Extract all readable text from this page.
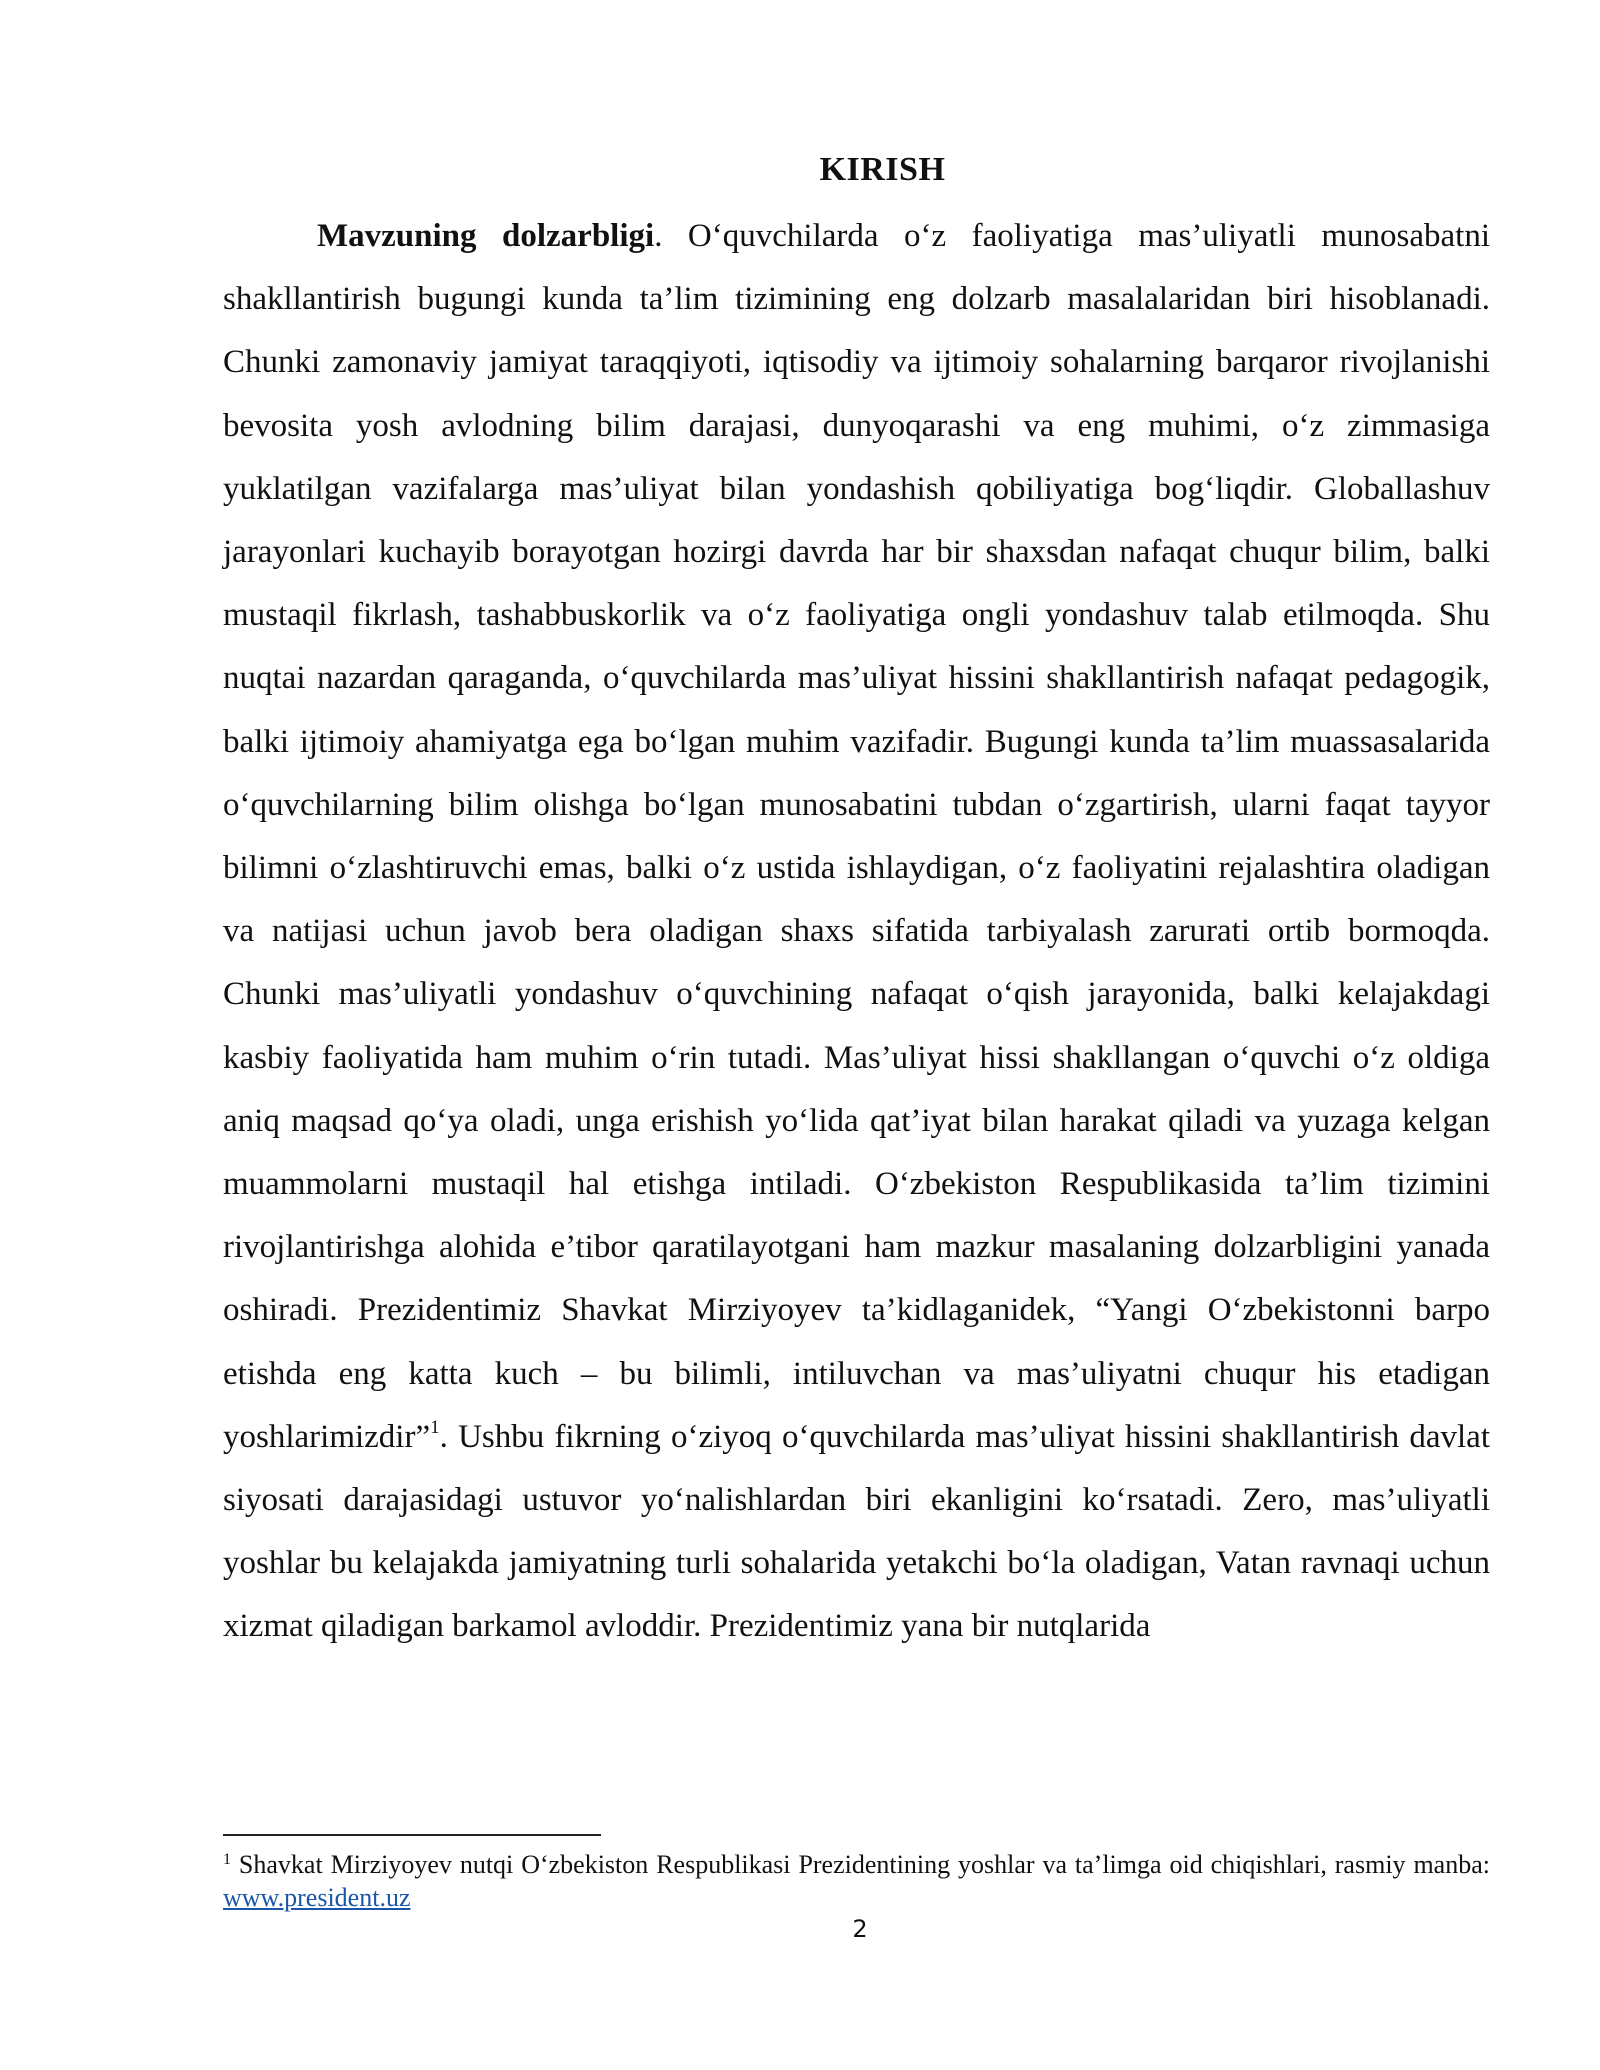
KIRISH

Mavzuning dolzarbligi. O‘quvchilarda o‘z faoliyatiga mas’uliyatli munosabatni shakllantirish bugungi kunda ta’lim tizimining eng dolzarb masalalaridan biri hisoblanadi. Chunki zamonaviy jamiyat taraqqiyoti, iqtisodiy va ijtimoiy sohalarning barqaror rivojlanishi bevosita yosh avlodning bilim darajasi, dunyoqarashi va eng muhimi, o‘z zimmasiga yuklatilgan vazifalarga mas’uliyat bilan yondashish qobiliyatiga bog‘liqdir. Globallashuv jarayonlari kuchayib borayotgan hozirgi davrda har bir shaxsdan nafaqat chuqur bilim, balki mustaqil fikrlash, tashabbuskorlik va o‘z faoliyatiga ongli yondashuv talab etilmoqda. Shu nuqtai nazardan qaraganda, o‘quvchilarda mas’uliyat hissini shakllantirish nafaqat pedagogik, balki ijtimoiy ahamiyatga ega bo‘lgan muhim vazifadir. Bugungi kunda ta’lim muassasalarida o‘quvchilarning bilim olishga bo‘lgan munosabatini tubdan o‘zgartirish, ularni faqat tayyor bilimni o‘zlashtiruvchi emas, balki o‘z ustida ishlaydigan, o‘z faoliyatini rejalashtira oladigan va natijasi uchun javob bera oladigan shaxs sifatida tarbiyalash zarurati ortib bormoqda. Chunki mas’uliyatli yondashuv o‘quvchining nafaqat o‘qish jarayonida, balki kelajakdagi kasbiy faoliyatida ham muhim o‘rin tutadi. Mas’uliyat hissi shakllangan o‘quvchi o‘z oldiga aniq maqsad qo‘ya oladi, unga erishish yo‘lida qat’iyat bilan harakat qiladi va yuzaga kelgan muammolarni mustaqil hal etishga intiladi. O‘zbekiston Respublikasida ta’lim tizimini rivojlantirishga alohida e’tibor qaratilayotgani ham mazkur masalaning dolzarbligini yanada oshiradi. Prezidentimiz Shavkat Mirziyoyev ta’kidlaganidek, “Yangi O‘zbekistonni barpo etishda eng katta kuch – bu bilimli, intiluvchan va mas’uliyatni chuqur his etadigan yoshlarimizdir”$^1$. Ushbu fikrning o‘ziyoq o‘quvchilarda mas’uliyat hissini shakllantirish davlat siyosati darajasidagi ustuvor yo‘nalishlardan biri ekanligini ko‘rsatadi. Zero, mas’uliyatli yoshlar bu kelajakda jamiyatning turli sohalarida yetakchi bo‘la oladigan, Vatan ravnaqi uchun xizmat qiladigan barkamol avloddir. Prezidentimiz yana bir nutqlarida

$^1$ Shavkat Mirziyoyev nutqi O‘zbekiston Respublikasi Prezidentining yoshlar va ta’limga oid chiqishlari, rasmiy manba: www.president.uz

2
